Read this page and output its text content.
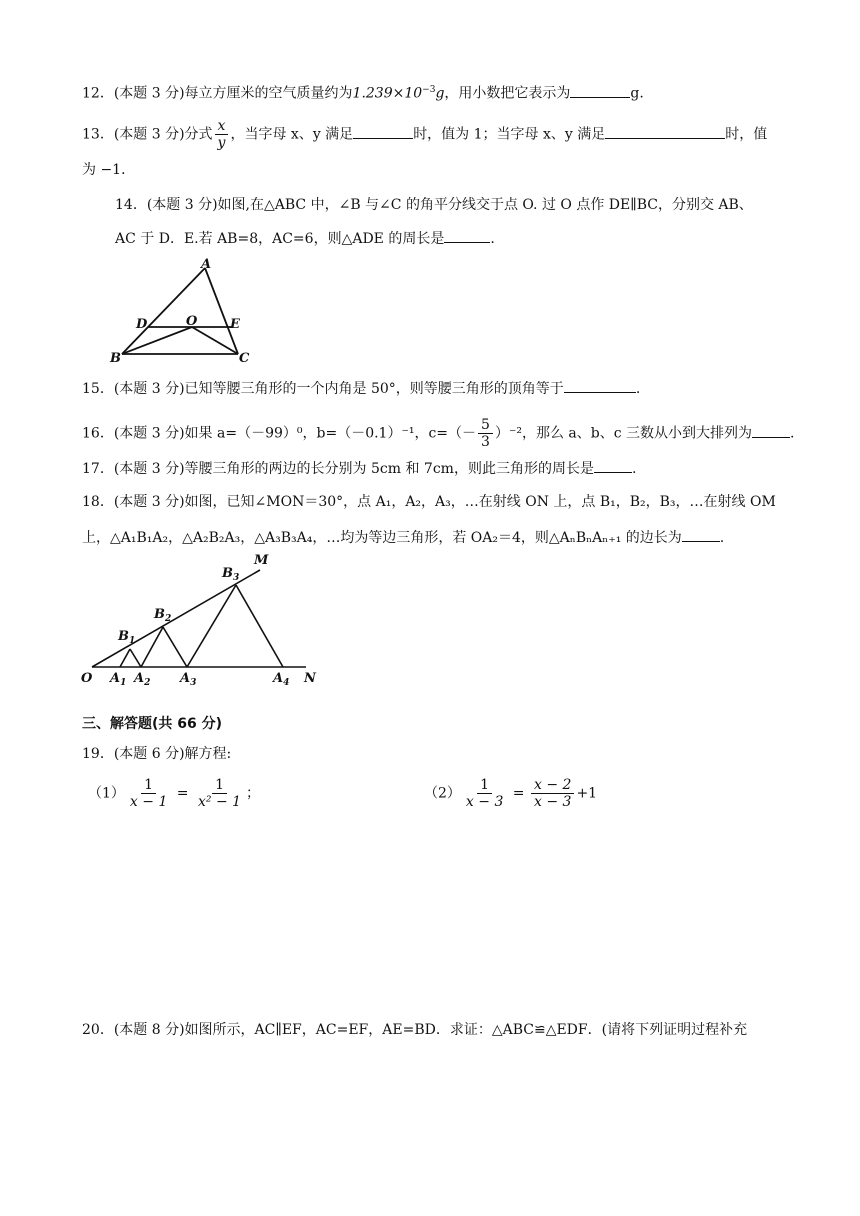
12．(本题 3 分)每立方厘米的空气质量约为$1.239\times 10^{-3}g$，用小数把它表示为	g.
13．(本题 3 分)分式 $\frac{x}{y}$ ，当字母 x、y 满足	时，值为 1；当字母 x、y 满足	时，值
为 −1．
14．(本题 3 分)如图,在△ABC 中，∠B 与∠C 的角平分线交于点 O. 过 O 点作 DE∥BC，分别交 AB、
AC 于 D．E.若 AB=8，AC=6，则△ADE 的周长是	.
A
D	O	E
B	C
15．(本题 3 分)已知等腰三角形的一个内角是 50°，则等腰三角形的顶角等于	.
16．(本题 3 分)如果 a=（－99）⁰，b=（－0.1）⁻¹，$c=(- \frac{5}{3} )^{-2}$，那么 a、b、c 三数从小到大排列为	.
17．(本题 3 分)等腰三角形的两边的长分别为 5cm 和 7cm，则此三角形的周长是	.
18．(本题 3 分)如图，已知∠MON＝30°，点 A₁，A₂，A₃，…在射线 ON 上，点 B₁，B₂，B₃，…在射线 OM
上，△A₁B₁A₂，△A₂B₂A₃，△A₃B₃A₄，…均为等边三角形，若 OA₂＝4，则△AₙBₙAₙ₊₁ 的边长为	.
M
N
O
$B_1$
$B_2$
$B_3$
$A_1$ $A_2$ $A_3$	$A_4$
三、解答题(共 66 分)
19．(本题 6 分)解方程:
$(1) \frac{1}{x - 1} = \frac{1}{\text{x² − 1}}$ ；	$(2) \frac{1}{x - 3} = \frac{x - 2}{x - 3} +1$
20．(本题 8 分)如图所示，AC∥EF，AC=EF，AE=BD．求证：△ABC≌△EDF．(请将下列证明过程补充
